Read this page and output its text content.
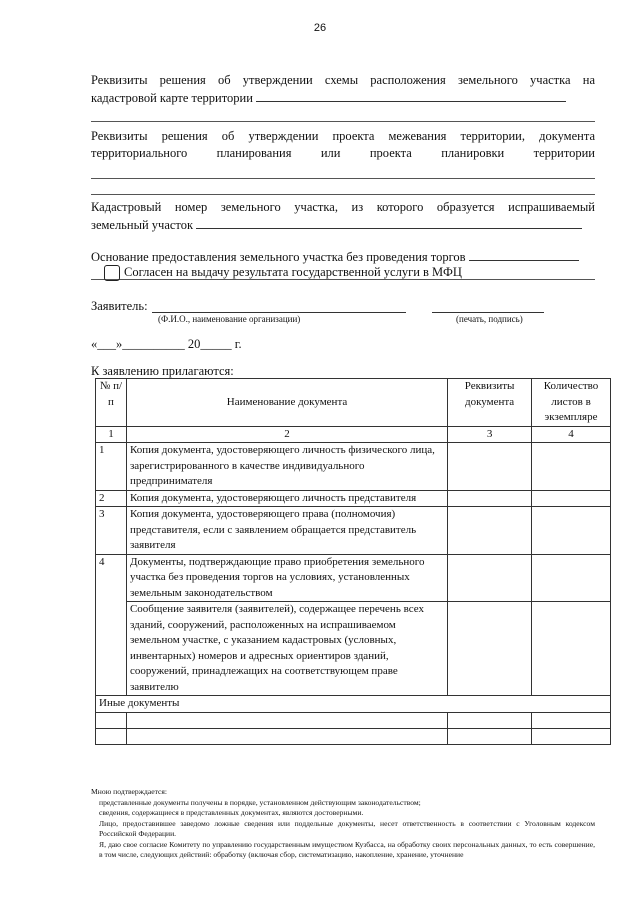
26

Реквизиты решения об утверждении схемы расположения земельного участка на

кадастровой карте территории

Реквизиты решения об утверждении проекта межевания территории, документа

территориального планирования или проекта планировки территории

Кадастровый номер земельного участка, из которого образуется испрашиваемый

земельный участок

Основание предоставления земельного участка без проведения торгов

Согласен на выдачу результата государственной услуги в МФЦ
Заявитель:
(Ф.И.О., наименование организации)	(печать, подпись)
«___»__________ 20_____ г.
К заявлению прилагаются:
№ п/п	Наименование документа	Реквизиты документа	Количество листов в экземпляре
1	2	3	4
1	Копия документа, удостоверяющего личность физического лица, зарегистрированного в качестве индивидуального предпринимателя		
2	Копия документа, удостоверяющего личность представителя		
3	Копия документа, удостоверяющего права (полномочия) представителя, если с заявлением обращается представитель заявителя		
4	Документы, подтверждающие право приобретения земельного участка без проведения торгов на условиях, установленных земельным законодательством		
	Сообщение заявителя (заявителей), содержащее перечень всех зданий, сооружений, расположенных на испрашиваемом земельном участке, с указанием кадастровых (условных, инвентарных) номеров и адресных ориентиров зданий, сооружений, принадлежащих на соответствующем праве заявителю		
Иные документы			

Мною подтверждается:

представленные документы получены в порядке, установленном действующим законодательством;

сведения, содержащиеся в представленных документах, являются достоверными.

Лицо, предоставившее заведомо ложные сведения или поддельные документы, несет ответственность в соответствии с Уголовным кодексом Российской Федерации.

Я, даю свое согласие Комитету по управлению государственным имуществом Кузбасса, на обработку своих персональных данных, то есть совершение, в том числе, следующих действий: обработку (включая сбор, систематизацию, накопление, хранение, уточнение
